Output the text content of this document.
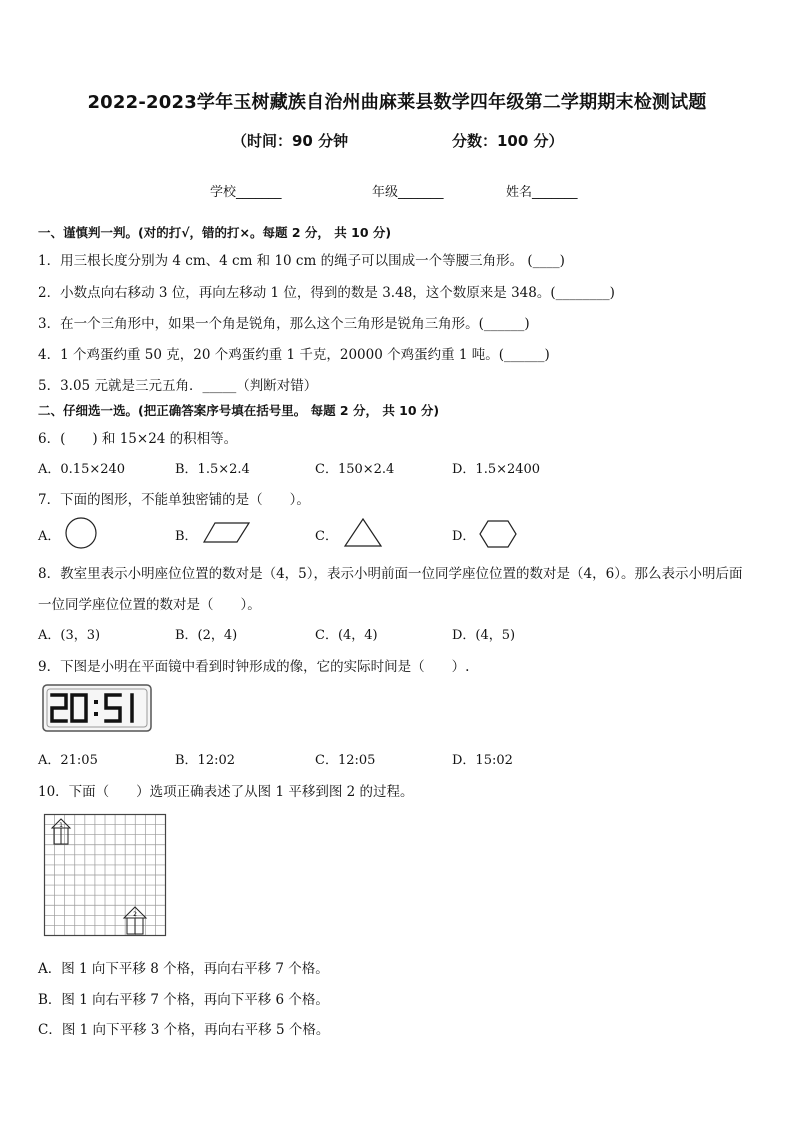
2022-2023学年玉树藏族自治州曲麻莱县数学四年级第二学期期末检测试题
（时间：90 分钟	分数：100 分）
学校_______	年级_______	姓名_______
一、谨慎判一判。(对的打√，错的打×。每题 2 分， 共 10 分)
1．用三根长度分别为 4 cm、4 cm 和 10 cm 的绳子可以围成一个等腰三角形。 (____)
2．小数点向右移动 3 位，再向左移动 1 位，得到的数是 3.48，这个数原来是 348。(________)
3．在一个三角形中，如果一个角是锐角，那么这个三角形是锐角三角形。(______)
4．1 个鸡蛋约重 50 克，20 个鸡蛋约重 1 千克，20000 个鸡蛋约重 1 吨。(______)
5．3.05 元就是三元五角．_____（判断对错）
二、仔细选一选。(把正确答案序号填在括号里。 每题 2 分， 共 10 分)
6．(　　) 和 15×24 的积相等。
A．0.15×240	B．1.5×2.4	C．150×2.4	D．1.5×2400
7．下面的图形，不能单独密铺的是（　　）。
A．	B．	C．	D．
8．教室里表示小明座位位置的数对是（4，5），表示小明前面一位同学座位位置的数对是（4，6）。那么表示小明后面
一位同学座位位置的数对是（　　）。
A．(3，3)	B．(2，4)	C．(4，4)	D．(4，5)
9．下图是小明在平面镜中看到时钟形成的像，它的实际时间是（　　）.
A．21:05	B．12:02	C．12:05	D．15:02
10．下面（　　）选项正确表述了从图 1 平移到图 2 的过程。
1
2
A．图 1 向下平移 8 个格，再向右平移 7 个格。
B．图 1 向右平移 7 个格，再向下平移 6 个格。
C．图 1 向下平移 3 个格，再向右平移 5 个格。
